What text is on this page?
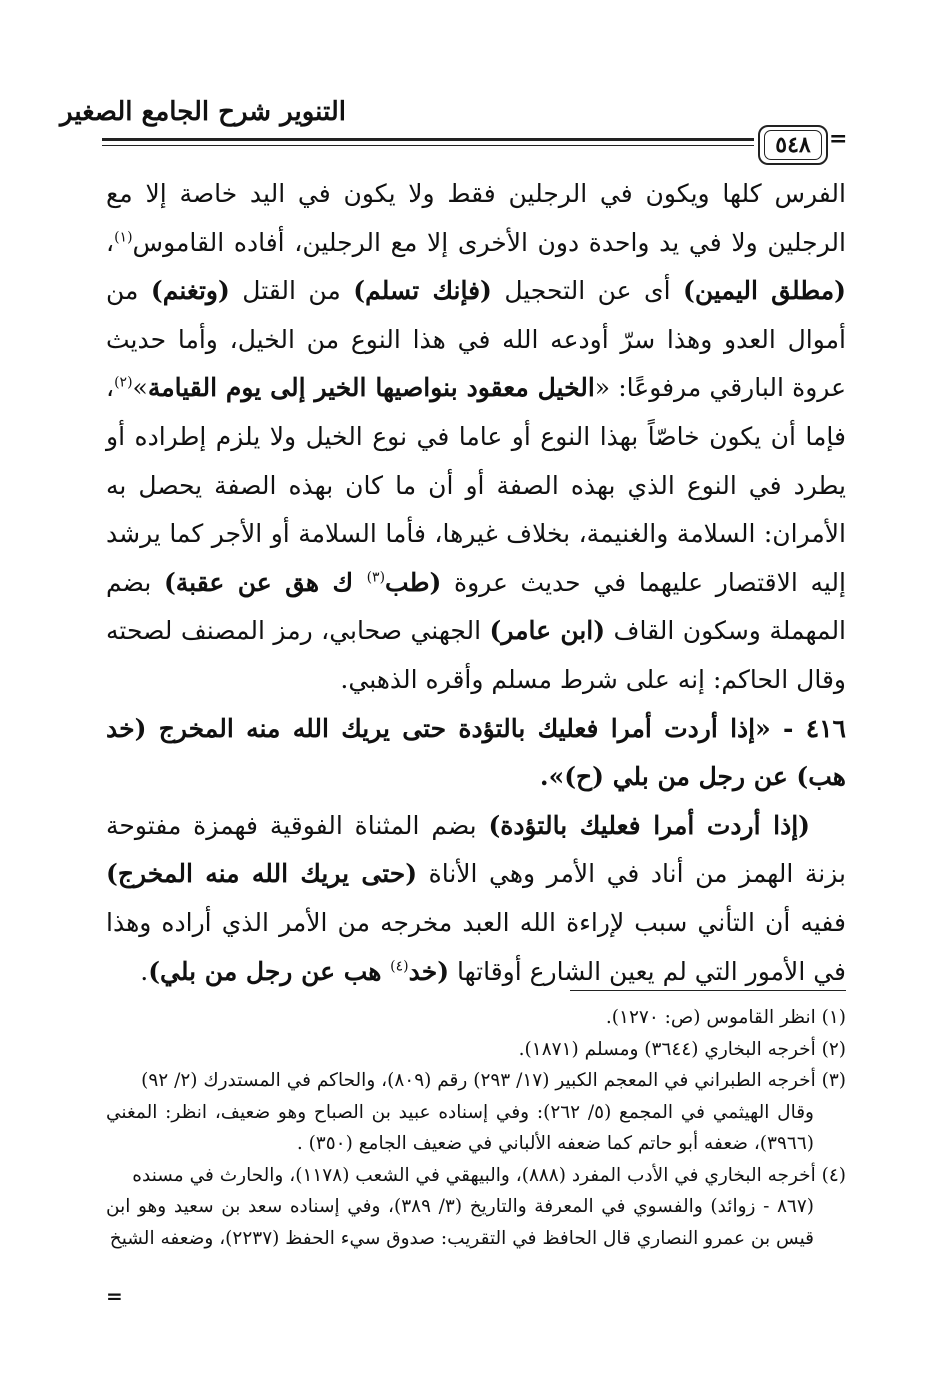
التنوير شرح الجامع الصغير
٥٤٨ =

الفرس كلها ويكون في الرجلين فقط ولا يكون في اليد خاصة إلا مع الرجلين ولا في يد واحدة دون الأخرى إلا مع الرجلين، أفاده القاموس$^{(١)}$، (مطلق اليمين) أى عن التحجيل (فإنك تسلم) من القتل (وتغنم) من أموال العدو وهذا سرّ أودعه الله في هذا النوع من الخيل، وأما حديث عروة البارقي مرفوعًا: «الخيل معقود بنواصيها الخير إلى يوم القيامة»$^{(٢)}$، فإما أن يكون خاصّاً بهذا النوع أو عاما في نوع الخيل ولا يلزم إطراده أو يطرد في النوع الذي بهذه الصفة أو أن ما كان بهذه الصفة يحصل به الأمران: السلامة والغنيمة، بخلاف غيرها، فأما السلامة أو الأجر كما يرشد إليه الاقتصار عليهما في حديث عروة (طب$^{(٣)}$ ك هق عن عقبة) بضم المهملة وسكون القاف (ابن عامر) الجهني صحابي، رمز المصنف لصحته وقال الحاكم: إنه على شرط مسلم وأقره الذهبي.

٤١٦ - «إذا أردت أمرا فعليك بالتؤدة حتى يريك الله منه المخرج (خد هب) عن رجل من بلي (ح)».

(إذا أردت أمرا فعليك بالتؤدة) بضم المثناة الفوقية فهمزة مفتوحة بزنة الهمز من أناد في الأمر وهي الأناة (حتى يريك الله منه المخرج) ففيه أن التأني سبب لإراءة الله العبد مخرجه من الأمر الذي أراده وهذا في الأمور التي لم يعين الشارع أوقاتها (خد$^{(٤)}$ هب عن رجل من بلي).

(١) انظر القاموس (ص: ١٢٧٠).

(٢) أخرجه البخاري (٣٦٤٤) ومسلم (١٨٧١).

(٣) أخرجه الطبراني في المعجم الكبير (١٧/ ٢٩٣) رقم (٨٠٩)، والحاكم في المستدرك (٢/ ٩٢)

وقال الهيثمي في المجمع (٥/ ٢٦٢): وفي إسناده عبيد بن الصباح وهو ضعيف، انظر: المغني (٣٩٦٦)، ضعفه أبو حاتم كما ضعفه الألباني في ضعيف الجامع (٣٥٠) .

(٤) أخرجه البخاري في الأدب المفرد (٨٨٨)، والبيهقي في الشعب (١١٧٨)، والحارث في مسنده

(٨٦٧ - زوائد) والفسوي في المعرفة والتاريخ (٣/ ٣٨٩)، وفي إسناده سعد بن سعيد وهو ابن قيس بن عمرو النصاري قال الحافظ في التقريب: صدوق سيء الحفظ (٢٢٣٧)، وضعفه الشيخ

=
